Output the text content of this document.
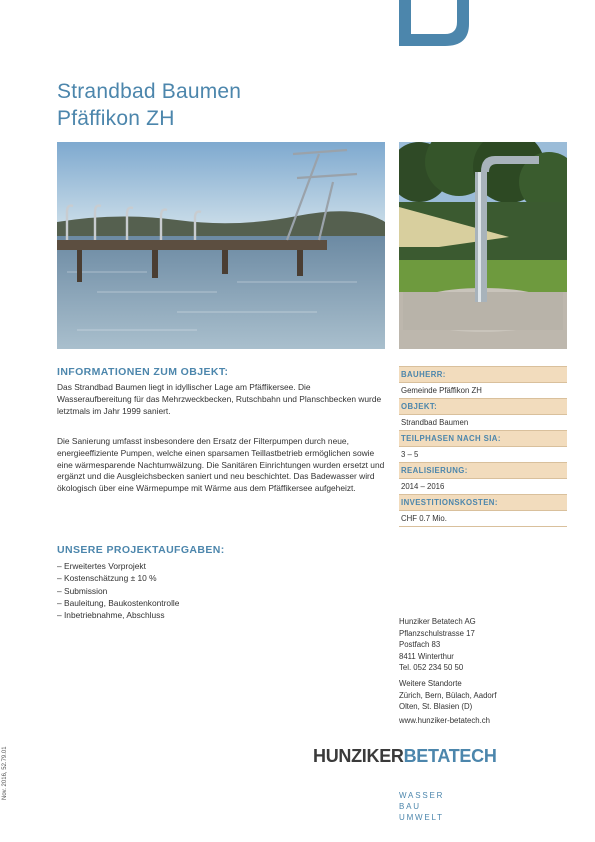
Strandbad Baumen
Pfäffikon ZH
INFORMATIONEN ZUM OBJEKT:
Das Strandbad Baumen liegt in idyllischer Lage am Pfäffikersee. Die Wasseraufbereitung für das Mehrzweckbecken, Rutschbahn und Planschbecken wurde letztmals im Jahr 1999 saniert.
Die Sanierung umfasst insbesondere den Ersatz der Filterpumpen durch neue, energieeffiziente Pumpen, welche einen sparsamen Teillastbetrieb ermöglichen sowie eine wärmesparende Nachtumwälzung. Die Sanitären Einrichtungen wurden ersetzt und ergänzt und die Ausgleichsbecken saniert und neu beschichtet. Das Badewasser wird ökologisch über eine Wärmepumpe mit Wärme aus dem Pfäffikersee aufgeheizt.
UNSERE PROJEKTAUFGABEN:
– Erweitertes Vorprojekt
– Kostenschätzung ± 10 %
– Submission
– Bauleitung, Baukostenkontrolle
– Inbetriebnahme, Abschluss
BAUHERR:
Gemeinde Pfäffikon ZH
OBJEKT:
Strandbad Baumen
TEILPHASEN NACH SIA:
3 – 5
REALISIERUNG:
2014 – 2016
INVESTITIONSKOSTEN:
CHF 0.7 Mio.
Hunziker Betatech AG
Pflanzschulstrasse 17
Postfach 83
8411 Winterthur
Tel. 052 234 50 50
Weitere Standorte
Zürich, Bern, Bülach, Aadorf
Olten, St. Blasien (D)
www.hunziker-betatech.ch
HUNZIKERBETATECH
WASSER
BAU
UMWELT
Nov. 2016, 52.79.01
